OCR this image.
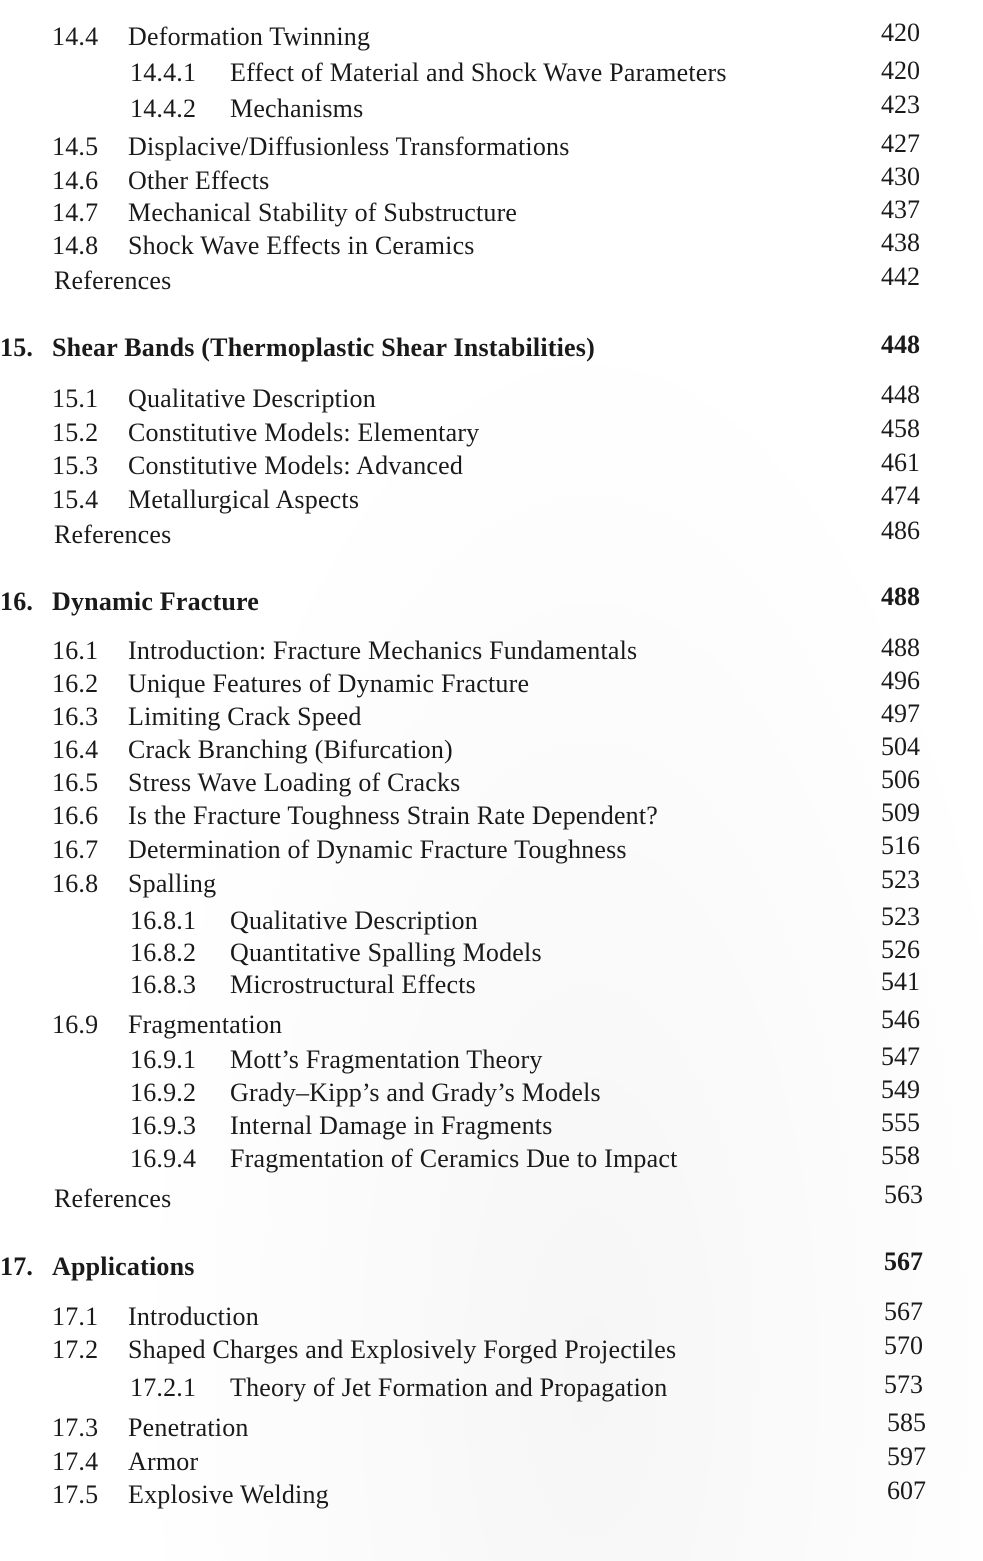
14.4 Deformation Twinning	420
14.4.1 Effect of Material and Shock Wave Parameters	420
14.4.2 Mechanisms	423
14.5 Displacive/Diffusionless Transformations	427
14.6 Other Effects	430
14.7 Mechanical Stability of Substructure	437
14.8 Shock Wave Effects in Ceramics	438
References	442
15. Shear Bands (Thermoplastic Shear Instabilities)	448
15.1 Qualitative Description	448
15.2 Constitutive Models: Elementary	458
15.3 Constitutive Models: Advanced	461
15.4 Metallurgical Aspects	474
References	486
16. Dynamic Fracture	488
16.1 Introduction: Fracture Mechanics Fundamentals	488
16.2 Unique Features of Dynamic Fracture	496
16.3 Limiting Crack Speed	497
16.4 Crack Branching (Bifurcation)	504
16.5 Stress Wave Loading of Cracks	506
16.6 Is the Fracture Toughness Strain Rate Dependent?	509
16.7 Determination of Dynamic Fracture Toughness	516
16.8 Spalling	523
16.8.1 Qualitative Description	523
16.8.2 Quantitative Spalling Models	526
16.8.3 Microstructural Effects	541
16.9 Fragmentation	546
16.9.1 Mott’s Fragmentation Theory	547
16.9.2 Grady–Kipp’s and Grady’s Models	549
16.9.3 Internal Damage in Fragments	555
16.9.4 Fragmentation of Ceramics Due to Impact	558
References	563
17. Applications	567
17.1 Introduction	567
17.2 Shaped Charges and Explosively Forged Projectiles	570
17.2.1 Theory of Jet Formation and Propagation	573
17.3 Penetration	585
17.4 Armor	597
17.5 Explosive Welding	607
